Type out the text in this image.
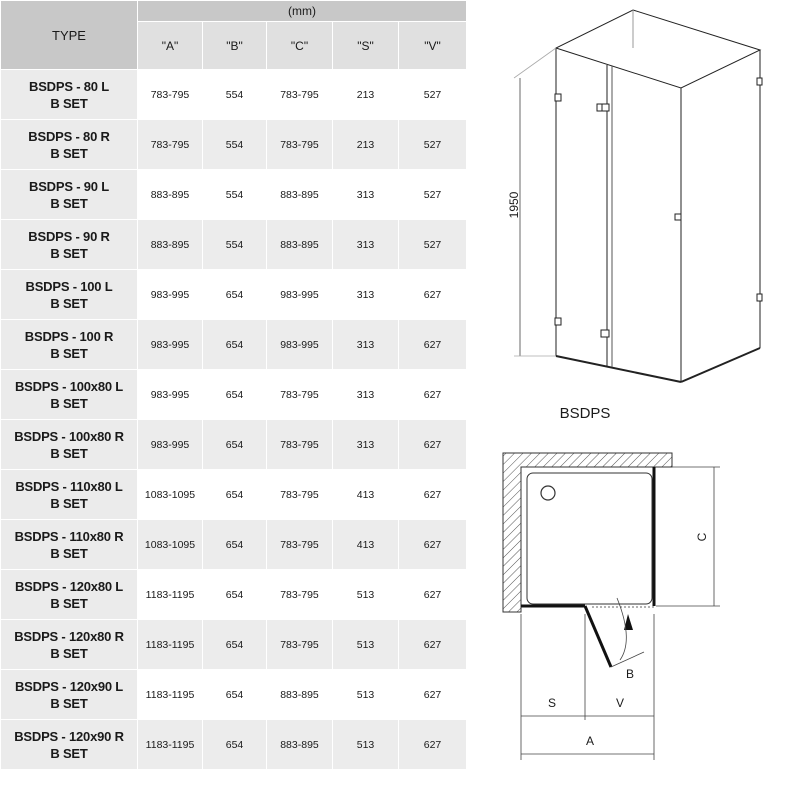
TYPE	(mm)				
	"A"	"B"	"C"	"S"	"V"

BSDPS - 80 L
B SET	783-795	554	783-795	213	527

BSDPS - 80 R
B SET	783-795	554	783-795	213	527

BSDPS - 90 L
B SET	883-895	554	883-895	313	527

BSDPS - 90 R
B SET	883-895	554	883-895	313	527

BSDPS - 100 L
B SET	983-995	654	983-995	313	627

BSDPS - 100 R
B SET	983-995	654	983-995	313	627

BSDPS - 100x80 L
B SET	983-995	654	783-795	313	627

BSDPS - 100x80 R
B SET	983-995	654	783-795	313	627

BSDPS - 110x80 L
B SET	1083-1095	654	783-795	413	627

BSDPS - 110x80 R
B SET	1083-1095	654	783-795	413	627

BSDPS - 120x80 L
B SET	1183-1195	654	783-795	513	627

BSDPS - 120x80 R
B SET	1183-1195	654	783-795	513	627

BSDPS - 120x90 L
B SET	1183-1195	654	883-895	513	627

BSDPS - 120x90 R
B SET	1183-1195	654	883-895	513	627
1950
BSDPS
C
B
S	V
A
